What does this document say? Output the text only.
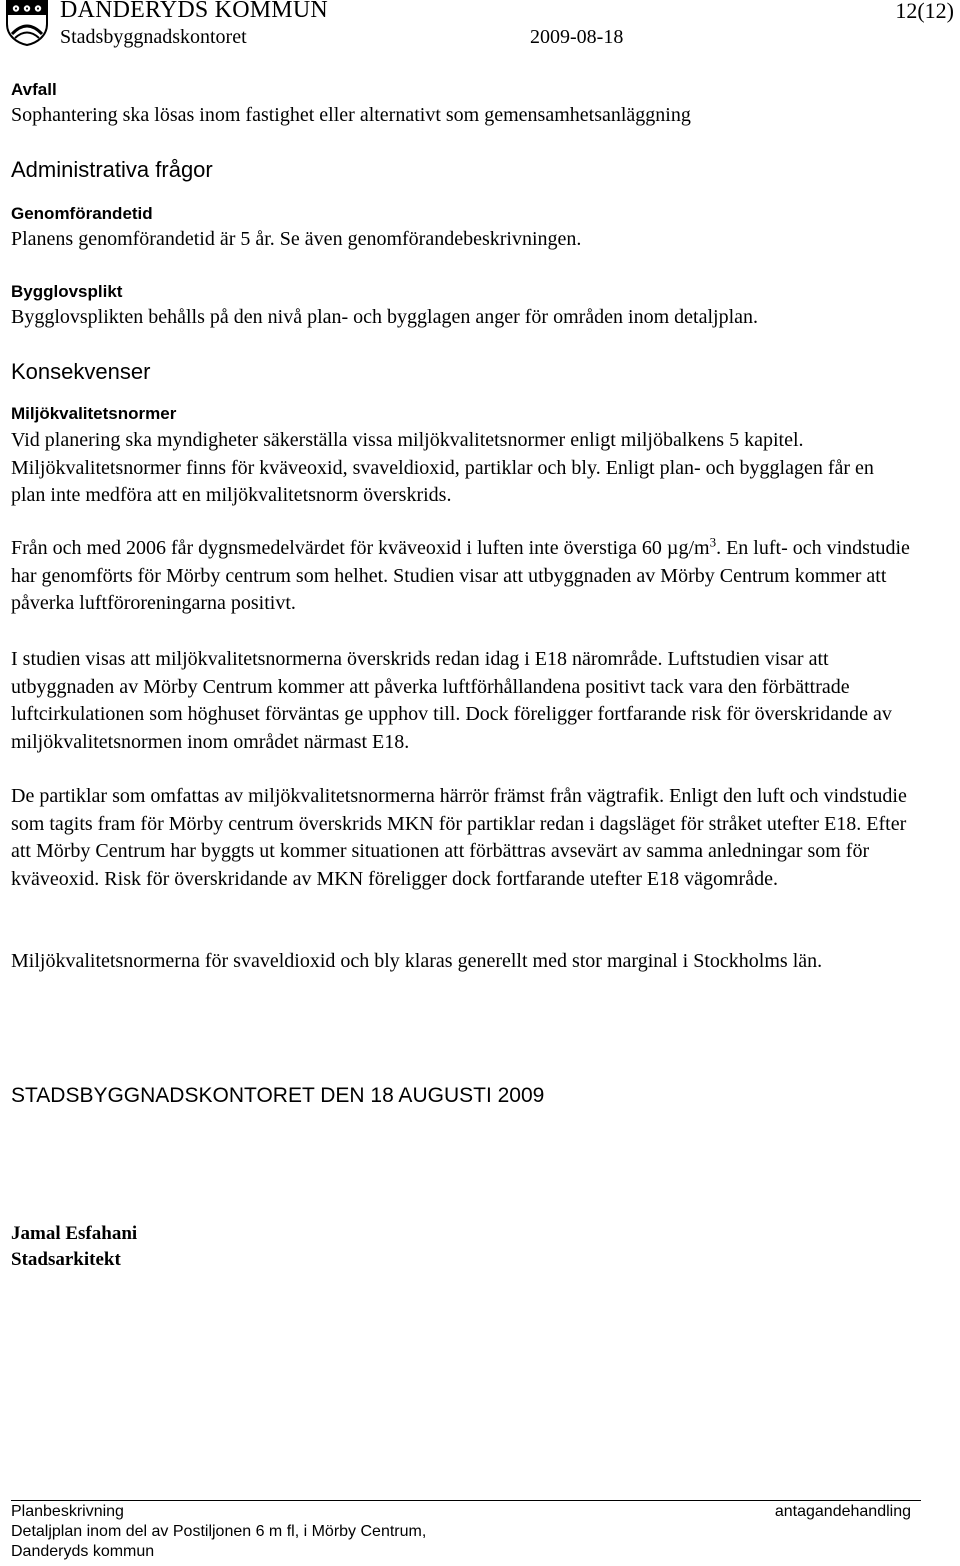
DANDERYDS KOMMUN
Stadsbyggnadskontoret	2009-08-18
12(12)
Avfall
Sophantering ska lösas inom fastighet eller alternativt som gemensamhetsanläggning
Administrativa frågor
Genomförandetid
Planens genomförandetid är 5 år. Se även genomförandebeskrivningen.
Bygglovsplikt
Bygglovsplikten behålls på den nivå plan- och bygglagen anger för områden inom detaljplan.
Konsekvenser
Miljökvalitetsnormer
Vid planering ska myndigheter säkerställa vissa miljökvalitetsnormer enligt miljöbalkens 5 kapitel. Miljökvalitetsnormer finns för kväveoxid, svaveldioxid, partiklar och bly. Enligt plan- och bygglagen får en plan inte medföra att en miljökvalitetsnorm överskrids.
Från och med 2006 får dygnsmedelvärdet för kväveoxid i luften inte överstiga 60 $\mu g/m^3$. En luft- och vindstudie har genomförts för Mörby centrum som helhet. Studien visar att utbyggnaden av Mörby Centrum kommer att påverka luftföroreningarna positivt.
I studien visas att miljökvalitetsnormerna överskrids redan idag i E18 närområde. Luftstudien visar att utbyggnaden av Mörby Centrum kommer att påverka luftförhållandena positivt tack vara den förbättrade luftcirkulationen som höghuset förväntas ge upphov till. Dock föreligger fortfarande risk för överskridande av miljökvalitetsnormen inom området närmast E18.
De partiklar som omfattas av miljökvalitetsnormerna härrör främst från vägtrafik. Enligt den luft och vindstudie som tagits fram för Mörby centrum överskrids MKN för partiklar redan i dagsläget för stråket utefter E18. Efter att Mörby Centrum har byggts ut kommer situationen att förbättras avsevärt av samma anledningar som för kväveoxid. Risk för överskridande av MKN föreligger dock fortfarande utefter E18 vägområde.
Miljökvalitetsnormerna för svaveldioxid och bly klaras generellt med stor marginal i Stockholms län.
STADSBYGGNADSKONTORET DEN 18 AUGUSTI 2009
Jamal Esfahani
Stadsarkitekt
Planbeskrivning
Detaljplan inom del av Postiljonen 6 m fl, i Mörby Centrum,
Danderyds kommun
antagandehandling
